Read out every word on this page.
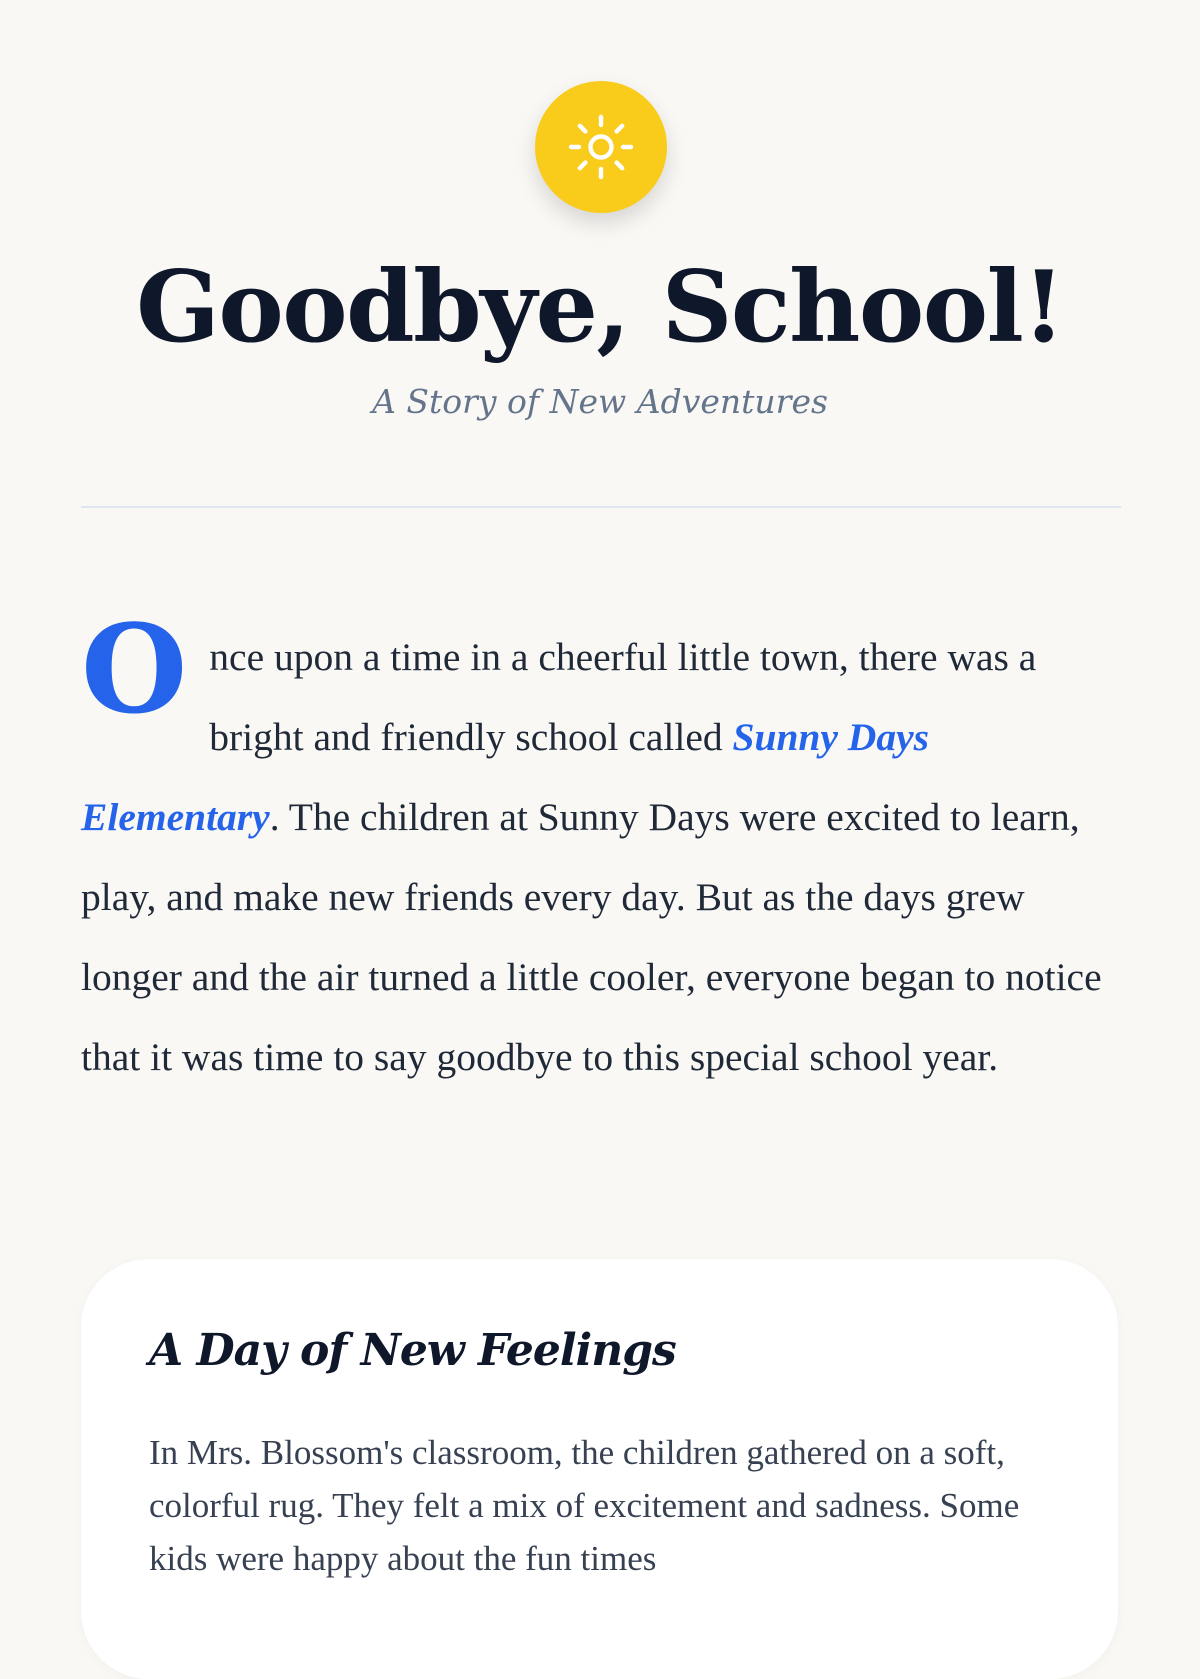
Goodbye, School!

A Story of New Adventures

Once upon a time in a cheerful little town, there was a bright and friendly school called Sunny Days Elementary. The children at Sunny Days were excited to learn, play, and make new friends every day. But as the days grew longer and the air turned a little cooler, everyone began to notice that it was time to say goodbye to this special school year.

A Day of New Feelings

In Mrs. Blossom's classroom, the children gathered on a soft, colorful rug. They felt a mix of excitement and sadness. Some kids were happy about the fun times
